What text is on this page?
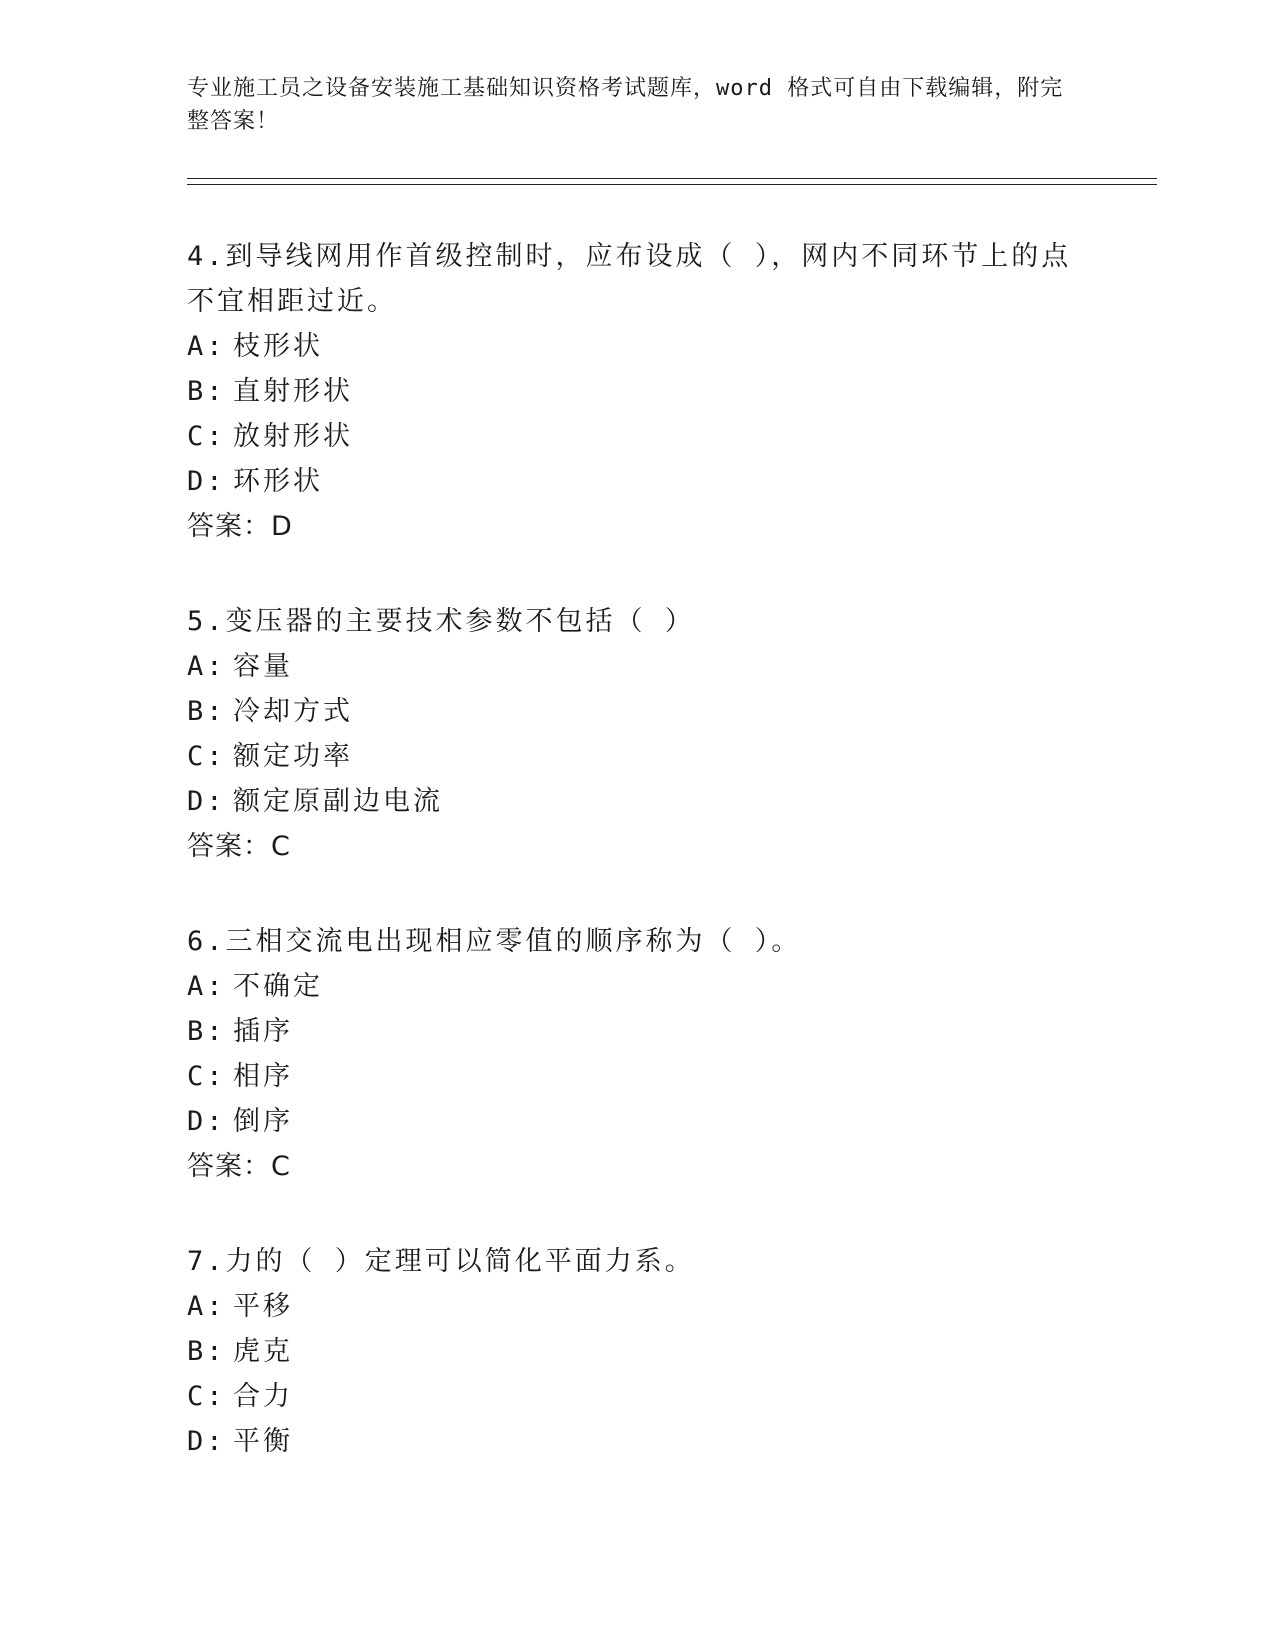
专业施工员之设备安装施工基础知识资格考试题库，word 格式可自由下载编辑，附完整答案！

4.到导线网用作首级控制时，应布设成（ ），网内不同环节上的点不宜相距过近。

A: 枝形状

B: 直射形状

C: 放射形状

D: 环形状

答案：D

5.变压器的主要技术参数不包括（ ）

A: 容量

B: 冷却方式

C: 额定功率

D: 额定原副边电流

答案：C

6.三相交流电出现相应零值的顺序称为（ ）。

A: 不确定

B: 插序

C: 相序

D: 倒序

答案：C

7.力的（ ）定理可以简化平面力系。

A: 平移

B: 虎克

C: 合力

D: 平衡
